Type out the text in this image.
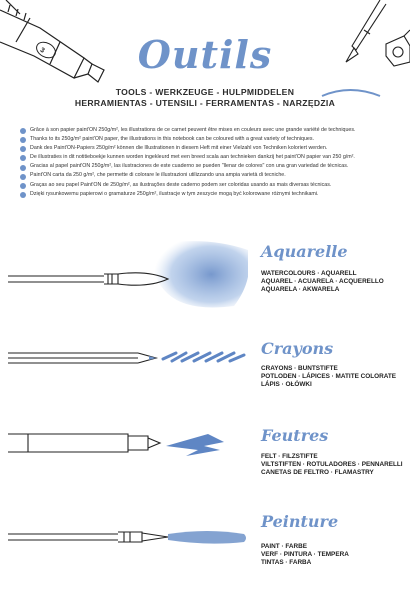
3	Outils
TOOLS - WERKZEUGE - HULPMIDDELEN
HERRAMIENTAS - UTENSILI - FERRAMENTAS - NARZĘDZIA
Grâce à son papier paint'ON 250g/m², les illustrations de ce carnet peuvent être mises en couleurs avec une grande variété de techniques.
Thanks to its 250g/m² paint'ON paper, the illustrations in this notebook can be coloured with a great variety of techniques.
Dank des Paint'ON-Papiers 250g/m² können die Illustrationen in diesem Heft mit einer Vielzahl von Techniken koloriert werden.
De illustraties in dit notitieboekje kunnen worden ingekleurd met een breed scala aan technieken dankzij het paint'ON papier van 250 g/m².
Gracias al papel paint'ON 250g/m², las ilustraciones de este cuaderno se pueden "llenar de colores" con una gran variedad de técnicas.
Paint'ON carta da 250 g/m², che permette di colorare le illustrazioni utilizzando una ampia varietà di tecniche.
Graças ao seu papel Paint'ON de 250g/m², as ilustrações deste caderno podem ser coloridas usando as mais diversas técnicas.
Dzięki rysunkowemu papierowi o gramaturze 250g/m², ilustracje w tym zeszycie mogą być kolorowane różnymi technikami.
Aquarelle
WATERCOLOURS · AQUARELL
AQUAREL · ACUARELA · ACQUERELLO
AQUARELA · AKWARELA
Crayons
CRAYONS · BUNTSTIFTE
POTLODEN · LÁPICES · MATITE COLORATE
LÁPIS · OŁÓWKI
Feutres
FELT · FILZSTIFTE
VILTSTIFTEN · ROTULADORES · PENNARELLI
CANETAS DE FELTRO · FLAMASTRY
Peinture
PAINT · FARBE
VERF · PINTURA · TEMPERA
TINTAS · FARBA
